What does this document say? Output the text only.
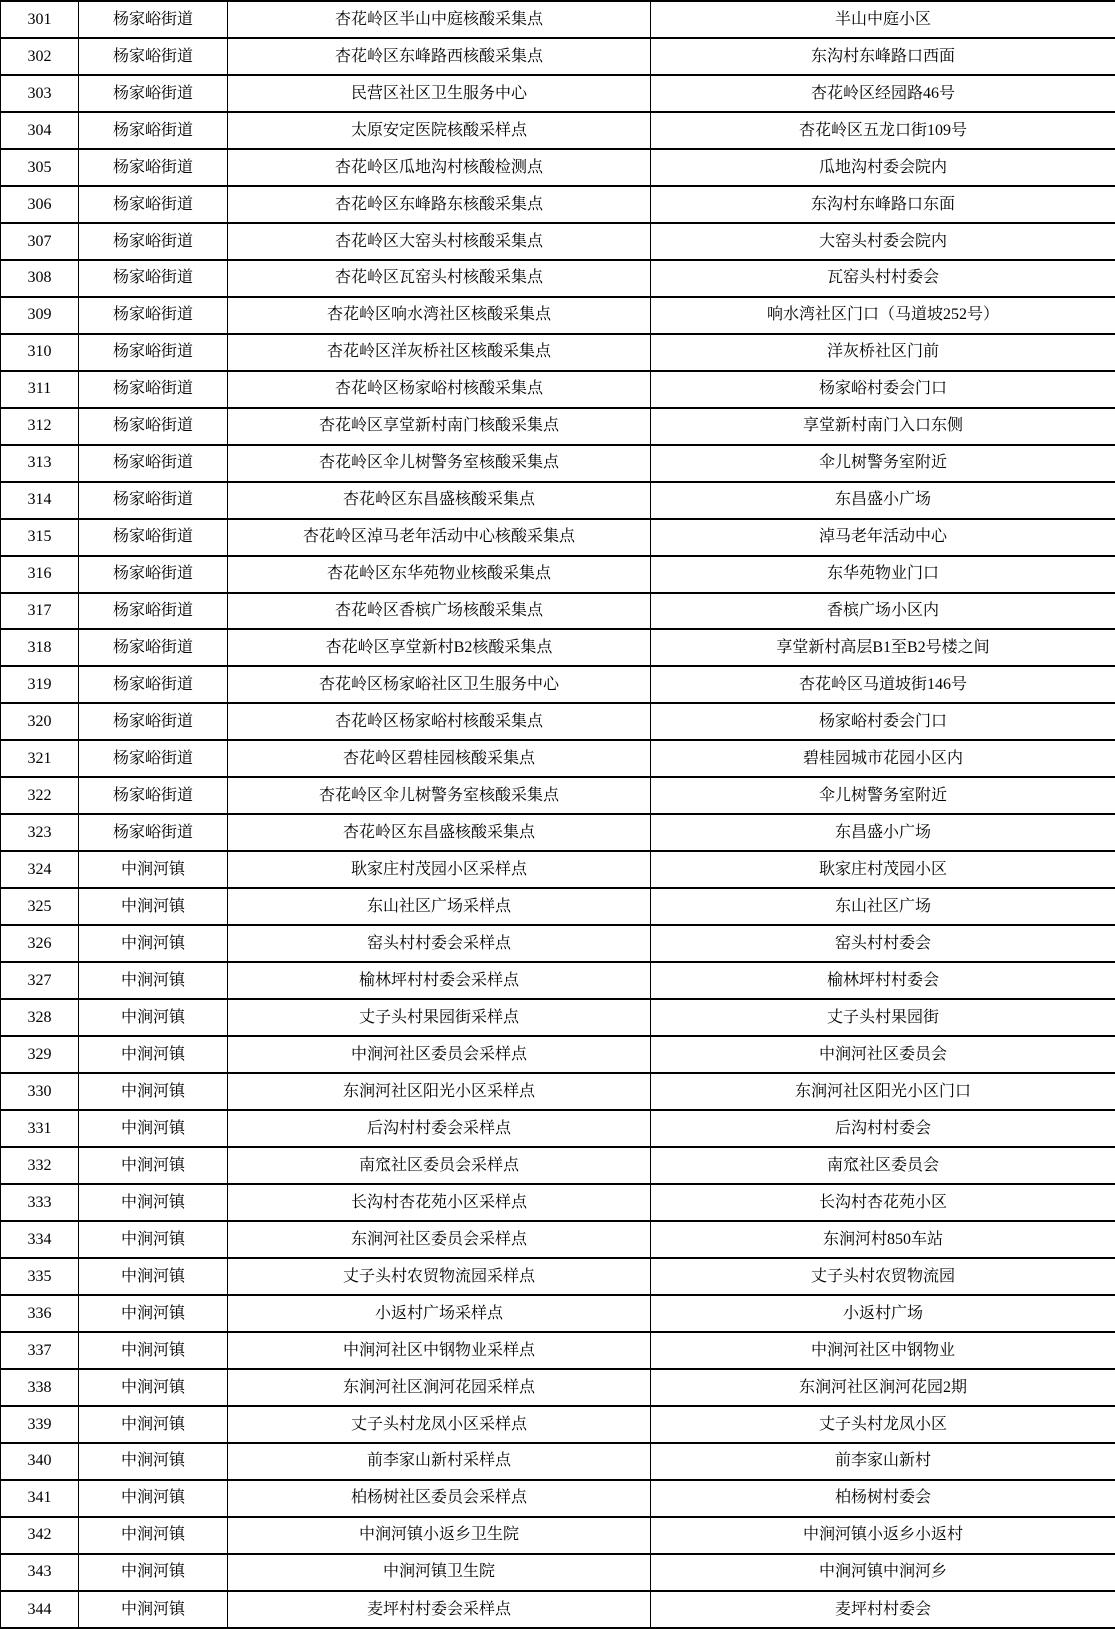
301	杨家峪街道	杏花岭区半山中庭核酸采集点	半山中庭小区
302	杨家峪街道	杏花岭区东峰路西核酸采集点	东沟村东峰路口西面
303	杨家峪街道	民营区社区卫生服务中心	杏花岭区经园路46号
304	杨家峪街道	太原安定医院核酸采样点	杏花岭区五龙口街109号
305	杨家峪街道	杏花岭区瓜地沟村核酸检测点	瓜地沟村委会院内
306	杨家峪街道	杏花岭区东峰路东核酸采集点	东沟村东峰路口东面
307	杨家峪街道	杏花岭区大窑头村核酸采集点	大窑头村委会院内
308	杨家峪街道	杏花岭区瓦窑头村核酸采集点	瓦窑头村村委会
309	杨家峪街道	杏花岭区响水湾社区核酸采集点	响水湾社区门口（马道坡252号）
310	杨家峪街道	杏花岭区洋灰桥社区核酸采集点	洋灰桥社区门前
311	杨家峪街道	杏花岭区杨家峪村核酸采集点	杨家峪村委会门口
312	杨家峪街道	杏花岭区享堂新村南门核酸采集点	享堂新村南门入口东侧
313	杨家峪街道	杏花岭区伞儿树警务室核酸采集点	伞儿树警务室附近
314	杨家峪街道	杏花岭区东昌盛核酸采集点	东昌盛小广场
315	杨家峪街道	杏花岭区淖马老年活动中心核酸采集点	淖马老年活动中心
316	杨家峪街道	杏花岭区东华苑物业核酸采集点	东华苑物业门口
317	杨家峪街道	杏花岭区香槟广场核酸采集点	香槟广场小区内
318	杨家峪街道	杏花岭区享堂新村B2核酸采集点	享堂新村高层B1至B2号楼之间
319	杨家峪街道	杏花岭区杨家峪社区卫生服务中心	杏花岭区马道坡街146号
320	杨家峪街道	杏花岭区杨家峪村核酸采集点	杨家峪村委会门口
321	杨家峪街道	杏花岭区碧桂园核酸采集点	碧桂园城市花园小区内
322	杨家峪街道	杏花岭区伞儿树警务室核酸采集点	伞儿树警务室附近
323	杨家峪街道	杏花岭区东昌盛核酸采集点	东昌盛小广场
324	中涧河镇	耿家庄村茂园小区采样点	耿家庄村茂园小区
325	中涧河镇	东山社区广场采样点	东山社区广场
326	中涧河镇	窑头村村委会采样点	窑头村村委会
327	中涧河镇	榆林坪村村委会采样点	榆林坪村村委会
328	中涧河镇	丈子头村果园街采样点	丈子头村果园街
329	中涧河镇	中涧河社区委员会采样点	中涧河社区委员会
330	中涧河镇	东涧河社区阳光小区采样点	东涧河社区阳光小区门口
331	中涧河镇	后沟村村委会采样点	后沟村村委会
332	中涧河镇	南窊社区委员会采样点	南窊社区委员会
333	中涧河镇	长沟村杏花苑小区采样点	长沟村杏花苑小区
334	中涧河镇	东涧河社区委员会采样点	东涧河村850车站
335	中涧河镇	丈子头村农贸物流园采样点	丈子头村农贸物流园
336	中涧河镇	小返村广场采样点	小返村广场
337	中涧河镇	中涧河社区中钢物业采样点	中涧河社区中钢物业
338	中涧河镇	东涧河社区涧河花园采样点	东涧河社区涧河花园2期
339	中涧河镇	丈子头村龙凤小区采样点	丈子头村龙凤小区
340	中涧河镇	前李家山新村采样点	前李家山新村
341	中涧河镇	柏杨树社区委员会采样点	柏杨树村委会
342	中涧河镇	中涧河镇小返乡卫生院	中涧河镇小返乡小返村
343	中涧河镇	中涧河镇卫生院	中涧河镇中涧河乡
344	中涧河镇	麦坪村村委会采样点	麦坪村村委会
